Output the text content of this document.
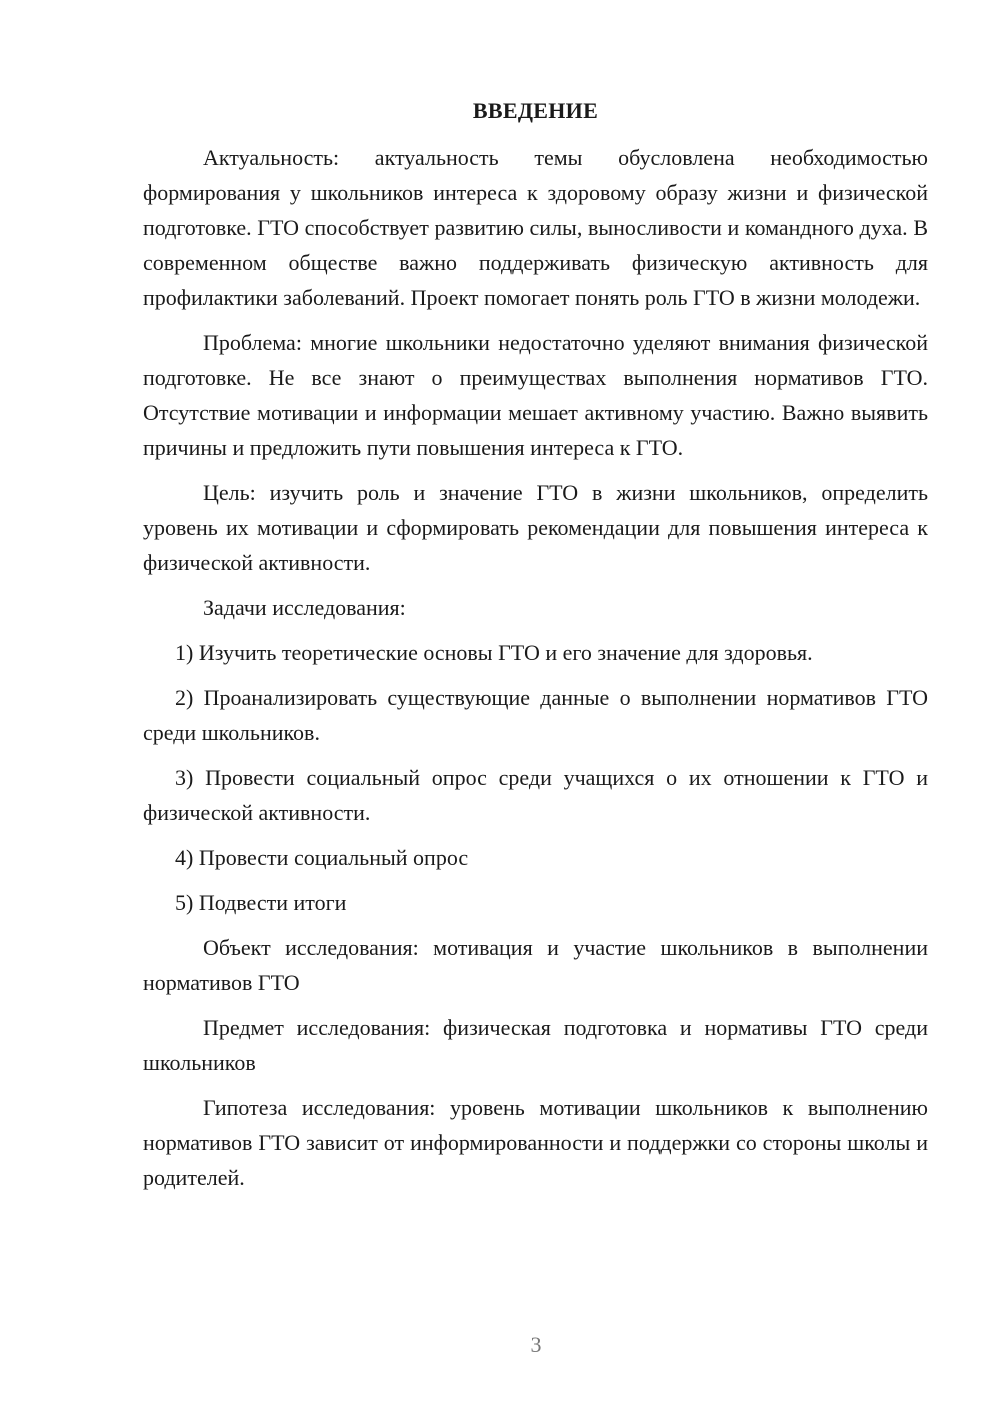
ВВЕДЕНИЕ

Актуальность: актуальность темы обусловлена необходимостью формирования у школьников интереса к здоровому образу жизни и физической подготовке. ГТО способствует развитию силы, выносливости и командного духа. В современном обществе важно поддерживать физическую активность для профилактики заболеваний. Проект помогает понять роль ГТО в жизни молодежи.

Проблема: многие школьники недостаточно уделяют внимания физической подготовке. Не все знают о преимуществах выполнения нормативов ГТО. Отсутствие мотивации и информации мешает активному участию. Важно выявить причины и предложить пути повышения интереса к ГТО.

Цель: изучить роль и значение ГТО в жизни школьников, определить уровень их мотивации и сформировать рекомендации для повышения интереса к физической активности.

Задачи исследования:

1) Изучить теоретические основы ГТО и его значение для здоровья.

2) Проанализировать существующие данные о выполнении нормативов ГТО среди школьников.

3) Провести социальный опрос среди учащихся о их отношении к ГТО и физической активности.

4) Провести социальный опрос

5) Подвести итоги

Объект исследования: мотивация и участие школьников в выполнении нормативов ГТО

Предмет исследования: физическая подготовка и нормативы ГТО среди школьников

Гипотеза исследования: уровень мотивации школьников к выполнению нормативов ГТО зависит от информированности и поддержки со стороны школы и родителей.

3
